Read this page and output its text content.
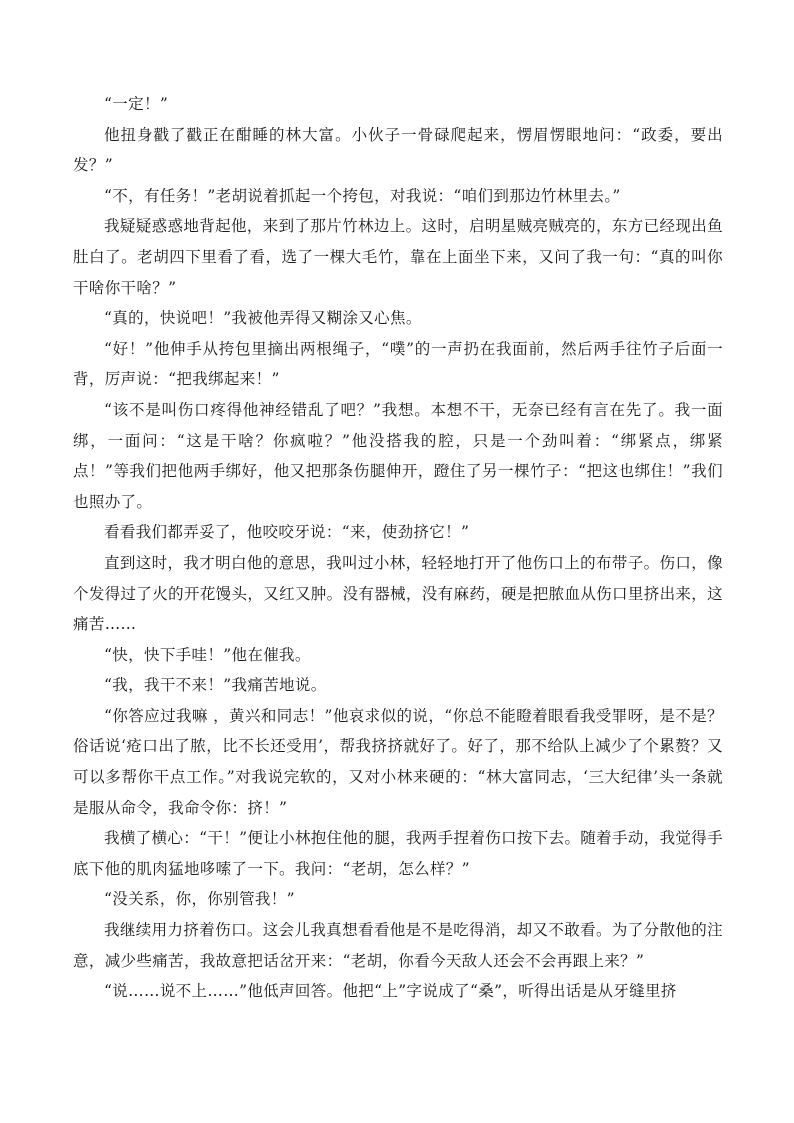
“一定！”

他扭身戳了戳正在酣睡的林大富。小伙子一骨碌爬起来，愣眉愣眼地问：“政委，要出发？”

“不，有任务！”老胡说着抓起一个挎包，对我说：“咱们到那边竹林里去。”

我疑疑惑惑地背起他，来到了那片竹林边上。这时，启明星贼亮贼亮的，东方已经现出鱼肚白了。老胡四下里看了看，选了一棵大毛竹，靠在上面坐下来，又问了我一句：“真的叫你干啥你干啥？”

“真的，快说吧！”我被他弄得又糊涂又心焦。

“好！”他伸手从挎包里摘出两根绳子，“噗”的一声扔在我面前，然后两手往竹子后面一背，厉声说：“把我绑起来！”

“该不是叫伤口疼得他神经错乱了吧？”我想。本想不干，无奈已经有言在先了。我一面绑，一面问：“这是干啥？你疯啦？”他没搭我的腔，只是一个劲叫着：“绑紧点，绑紧点！”等我们把他两手绑好，他又把那条伤腿伸开，蹬住了另一棵竹子：“把这也绑住！”我们也照办了。

看看我们都弄妥了，他咬咬牙说：“来，使劲挤它！”

直到这时，我才明白他的意思，我叫过小林，轻轻地打开了他伤口上的布带子。伤口，像个发得过了火的开花馒头，又红又肿。没有器械，没有麻药，硬是把脓血从伤口里挤出来，这痛苦……

“快，快下手哇！”他在催我。

“我，我干不来！”我痛苦地说。

“你答应过我嘛 ，黄兴和同志！”他哀求似的说，“你总不能瞪着眼看我受罪呀，是不是？俗话说‘疮口出了脓，比不长还受用’，帮我挤挤就好了。好了，那不给队上减少了个累赘？又可以多帮你干点工作。”对我说完软的，又对小林来硬的：“林大富同志，‘三大纪律’头一条就是服从命令，我命令你：挤！”

我横了横心：“干！”便让小林抱住他的腿，我两手捏着伤口按下去。随着手动，我觉得手底下他的肌肉猛地哆嗦了一下。我问：“老胡，怎么样？”

“没关系，你，你别管我！”

我继续用力挤着伤口。这会儿我真想看看他是不是吃得消，却又不敢看。为了分散他的注意，减少些痛苦，我故意把话岔开来：“老胡，你看今天敌人还会不会再跟上来？”

“说……说不上……”他低声回答。他把“上”字说成了“桑”，听得出话是从牙缝里挤
